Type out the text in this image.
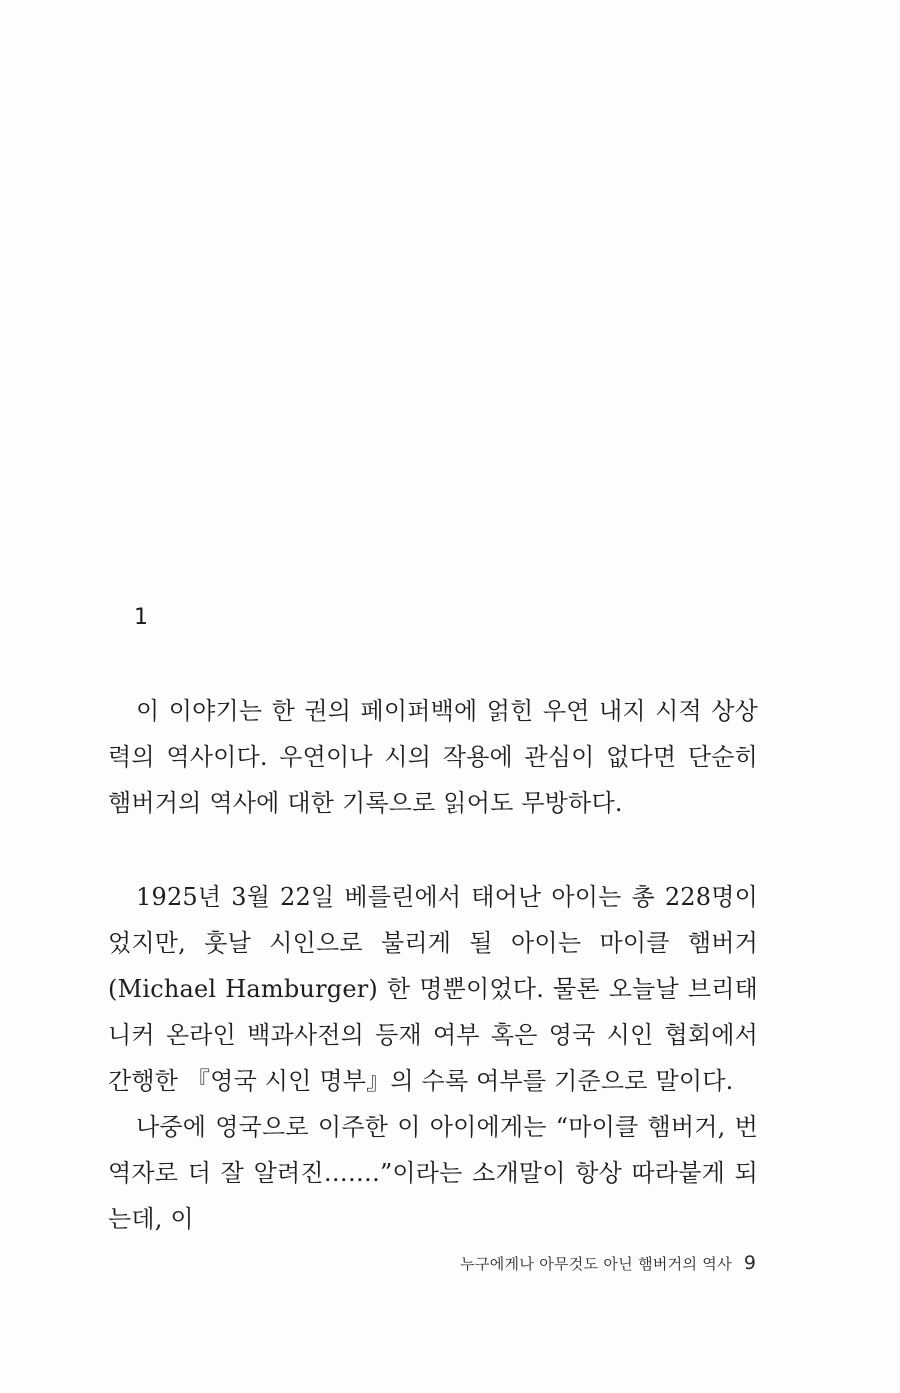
1

이 이야기는 한 권의 페이퍼백에 얽힌 우연 내지 시적 상상력의 역사이다. 우연이나 시의 작용에 관심이 없다면 단순히 햄버거의 역사에 대한 기록으로 읽어도 무방하다.

1925년 3월 22일 베를린에서 태어난 아이는 총 228명이었지만, 훗날 시인으로 불리게 될 아이는 마이클 햄버거(Michael Hamburger) 한 명뿐이었다. 물론 오늘날 브리태니커 온라인 백과사전의 등재 여부 혹은 영국 시인 협회에서 간행한 『영국 시인 명부』의 수록 여부를 기준으로 말이다.

나중에 영국으로 이주한 이 아이에게는 “마이클 햄버거, 번역자로 더 잘 알려진…….”이라는 소개말이 항상 따라붙게 되는데, 이

누구에게나 아무것도 아닌 햄버거의 역사 9
